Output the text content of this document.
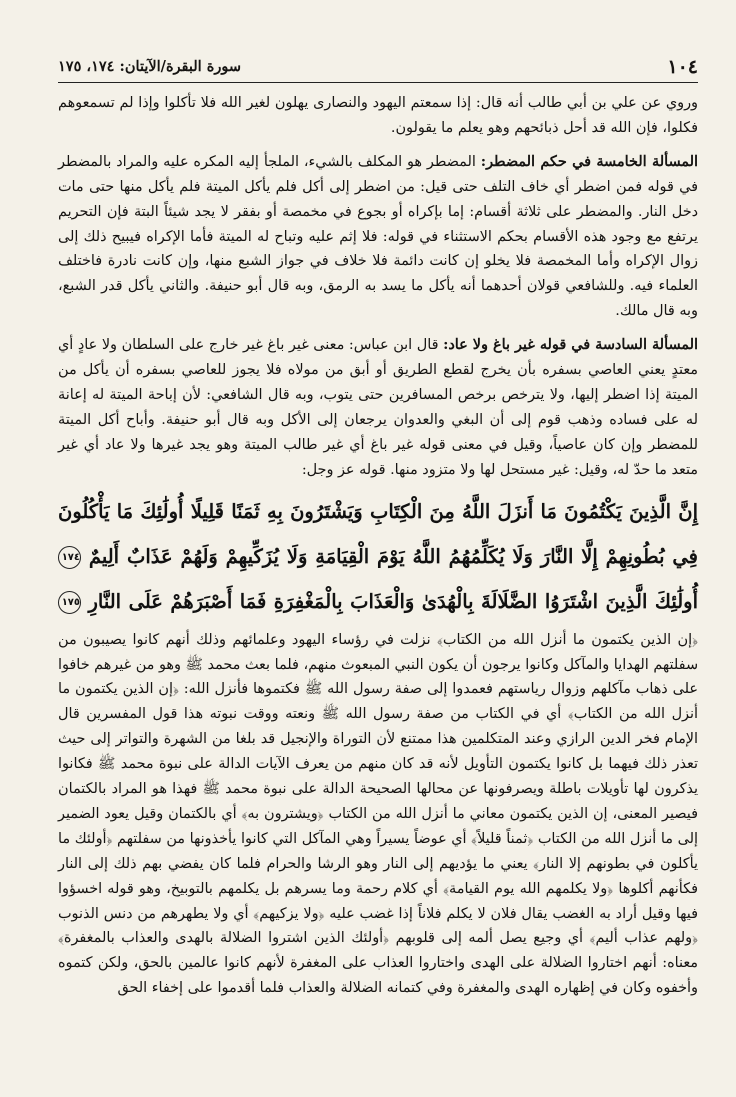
١٠٤
سورة البقرة/الآيتان: ١٧٤، ١٧٥

وروي عن علي بن أبي طالب أنه قال: إذا سمعتم اليهود والنصارى يهلون لغير الله فلا تأكلوا وإذا لم تسمعوهم فكلوا، فإن الله قد أحل ذبائحهم وهو يعلم ما يقولون.

المسألة الخامسة في حكم المضطر: المضطر هو المكلف بالشيء، الملجأ إليه المكره عليه والمراد بالمضطر في قوله فمن اضطر أي خاف التلف حتى قيل: من اضطر إلى أكل فلم يأكل الميتة فلم يأكل منها حتى مات دخل النار. والمضطر على ثلاثة أقسام: إما بإكراه أو بجوع في مخمصة أو بفقر لا يجد شيئاً البتة فإن التحريم يرتفع مع وجود هذه الأقسام بحكم الاستثناء في قوله: فلا إثم عليه وتباح له الميتة فأما الإكراه فيبيح ذلك إلى زوال الإكراه وأما المخمصة فلا يخلو إن كانت دائمة فلا خلاف في جواز الشبع منها، وإن كانت نادرة فاختلف العلماء فيه. وللشافعي قولان أحدهما أنه يأكل ما يسد به الرمق، وبه قال أبو حنيفة. والثاني يأكل قدر الشبع، وبه قال مالك.

المسألة السادسة في قوله غير باغ ولا عاد: قال ابن عباس: معنى غير باغ غير خارج على السلطان ولا عادٍ أي معتدٍ يعني العاصي بسفره بأن يخرج لقطع الطريق أو أبق من مولاه فلا يجوز للعاصي بسفره أن يأكل من الميتة إذا اضطر إليها، ولا يترخص برخص المسافرين حتى يتوب، وبه قال الشافعي: لأن إباحة الميتة له إعانة له على فساده وذهب قوم إلى أن البغي والعدوان يرجعان إلى الأكل وبه قال أبو حنيفة. وأباح أكل الميتة للمضطر وإن كان عاصياً، وقيل في معنى قوله غير باغ أي غير طالب الميتة وهو يجد غيرها ولا عاد أي غير متعد ما حدّ له، وقيل: غير مستحل لها ولا متزود منها. قوله عز وجل:

إِنَّ الَّذِينَ يَكْتُمُونَ مَا أَنزَلَ اللَّهُ مِنَ الْكِتَابِ وَيَشْتَرُونَ بِهِ ثَمَنًا قَلِيلًا أُولَٰئِكَ مَا يَأْكُلُونَ فِي بُطُونِهِمْ إِلَّا النَّارَ وَلَا يُكَلِّمُهُمُ اللَّهُ يَوْمَ الْقِيَامَةِ وَلَا يُزَكِّيهِمْ وَلَهُمْ عَذَابٌ أَلِيمٌ ١٧٤ أُولَٰئِكَ الَّذِينَ اشْتَرَوُا الضَّلَالَةَ بِالْهُدَىٰ وَالْعَذَابَ بِالْمَغْفِرَةِ فَمَا أَصْبَرَهُمْ عَلَى النَّارِ ١٧٥

﴿إن الذين يكتمون ما أنزل الله من الكتاب﴾ نزلت في رؤساء اليهود وعلمائهم وذلك أنهم كانوا يصيبون من سفلتهم الهدايا والمآكل وكانوا يرجون أن يكون النبي المبعوث منهم، فلما بعث محمد ﷺ وهو من غيرهم خافوا على ذهاب مآكلهم وزوال رياستهم فعمدوا إلى صفة رسول الله ﷺ فكتموها فأنزل الله: ﴿إن الذين يكتمون ما أنزل الله من الكتاب﴾ أي في الكتاب من صفة رسول الله ﷺ ونعته ووقت نبوته هذا قول المفسرين قال الإمام فخر الدين الرازي وعند المتكلمين هذا ممتنع لأن التوراة والإنجيل قد بلغا من الشهرة والتواتر إلى حيث تعذر ذلك فيهما بل كانوا يكتمون التأويل لأنه قد كان منهم من يعرف الآيات الدالة على نبوة محمد ﷺ فكانوا يذكرون لها تأويلات باطلة ويصرفونها عن محالها الصحيحة الدالة على نبوة محمد ﷺ فهذا هو المراد بالكتمان فيصير المعنى، إن الذين يكتمون معاني ما أنزل الله من الكتاب ﴿ويشترون به﴾ أي بالكتمان وقيل يعود الضمير إلى ما أنزل الله من الكتاب ﴿ثمناً قليلاً﴾ أي عوضاً يسيراً وهي المآكل التي كانوا يأخذونها من سفلتهم ﴿أولئك ما يأكلون في بطونهم إلا النار﴾ يعني ما يؤديهم إلى النار وهو الرشا والحرام فلما كان يفضي بهم ذلك إلى النار فكأنهم أكلوها ﴿ولا يكلمهم الله يوم القيامة﴾ أي كلام رحمة وما يسرهم بل يكلمهم بالتوبيخ، وهو قوله اخسؤوا فيها وقيل أراد به الغضب يقال فلان لا يكلم فلاناً إذا غضب عليه ﴿ولا يزكيهم﴾ أي ولا يطهرهم من دنس الذنوب ﴿ولهم عذاب أليم﴾ أي وجيع يصل ألمه إلى قلوبهم ﴿أولئك الذين اشتروا الضلالة بالهدى والعذاب بالمغفرة﴾ معناه: أنهم اختاروا الضلالة على الهدى واختاروا العذاب على المغفرة لأنهم كانوا عالمين بالحق، ولكن كتموه وأخفوه وكان في إظهاره الهدى والمغفرة وفي كتمانه الضلالة والعذاب فلما أقدموا على إخفاء الحق
